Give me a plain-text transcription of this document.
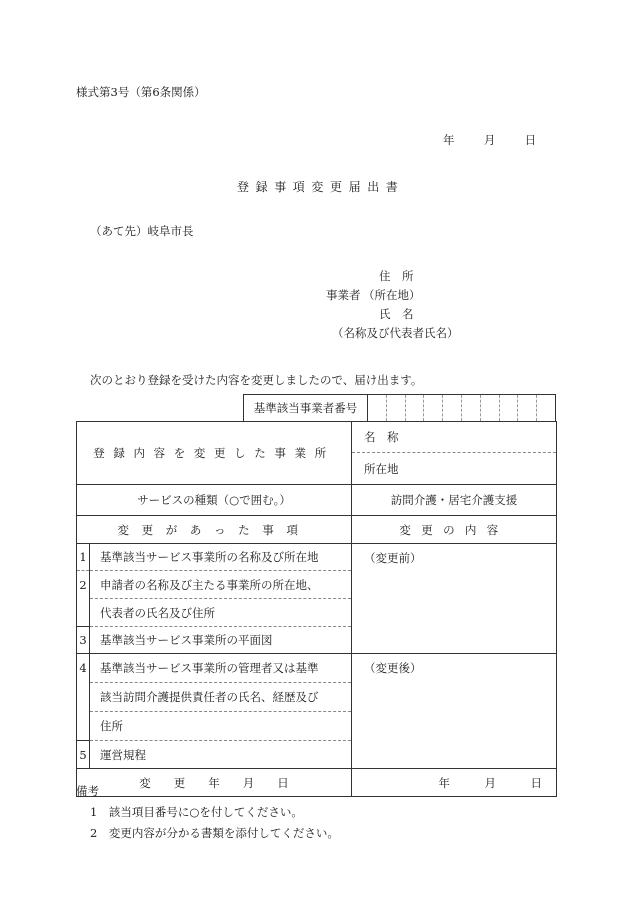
様式第3号（第6条関係）
年	月	日
登録事項変更届出書
（あて先）岐阜市長
住　所
事業者 （所在地）
氏　名
（名称及び代表者氏名）
次のとおり登録を受けた内容を変更しましたので、届け出ます。
基準該当事業者番号
登録内容を変更した事業所		名　称
		所在地
サービスの種類（○で囲む。）		訪問介護・居宅介護支援
変更があった事項		変更の内容
1	基準該当サービス事業所の名称及び所在地	（変更前）
2	申請者の名称及び主たる事業所の所在地、	
	代表者の氏名及び住所	
3	基準該当サービス事業所の平面図	
4	基準該当サービス事業所の管理者又は基準	（変更後）
	該当訪問介護提供責任者の氏名、経歴及び	
	住所	
5	運営規程	
変　　更　　年　　月　　日		年　　　月　　　日
備考
1　該当項目番号に○を付してください。
2　変更内容が分かる書類を添付してください。
